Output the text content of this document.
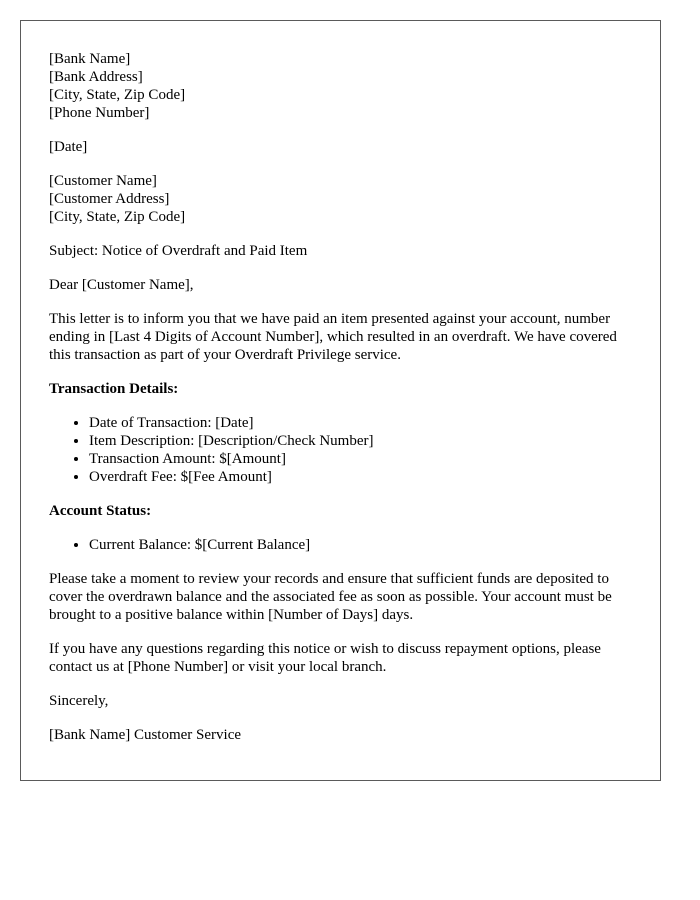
[Bank Name]
[Bank Address]
[City, State, Zip Code]
[Phone Number]

[Date]

[Customer Name]
[Customer Address]
[City, State, Zip Code]

Subject: Notice of Overdraft and Paid Item

Dear [Customer Name],

This letter is to inform you that we have paid an item presented against your account, number ending in [Last 4 Digits of Account Number], which resulted in an overdraft. We have covered this transaction as part of your Overdraft Privilege service.

Transaction Details:
• Date of Transaction: [Date]
• Item Description: [Description/Check Number]
• Transaction Amount: $[Amount]
• Overdraft Fee: $[Fee Amount]
Account Status:
• Current Balance: $[Current Balance]

Please take a moment to review your records and ensure that sufficient funds are deposited to cover the overdrawn balance and the associated fee as soon as possible. Your account must be brought to a positive balance within [Number of Days] days.

If you have any questions regarding this notice or wish to discuss repayment options, please contact us at [Phone Number] or visit your local branch.

Sincerely,

[Bank Name] Customer Service
